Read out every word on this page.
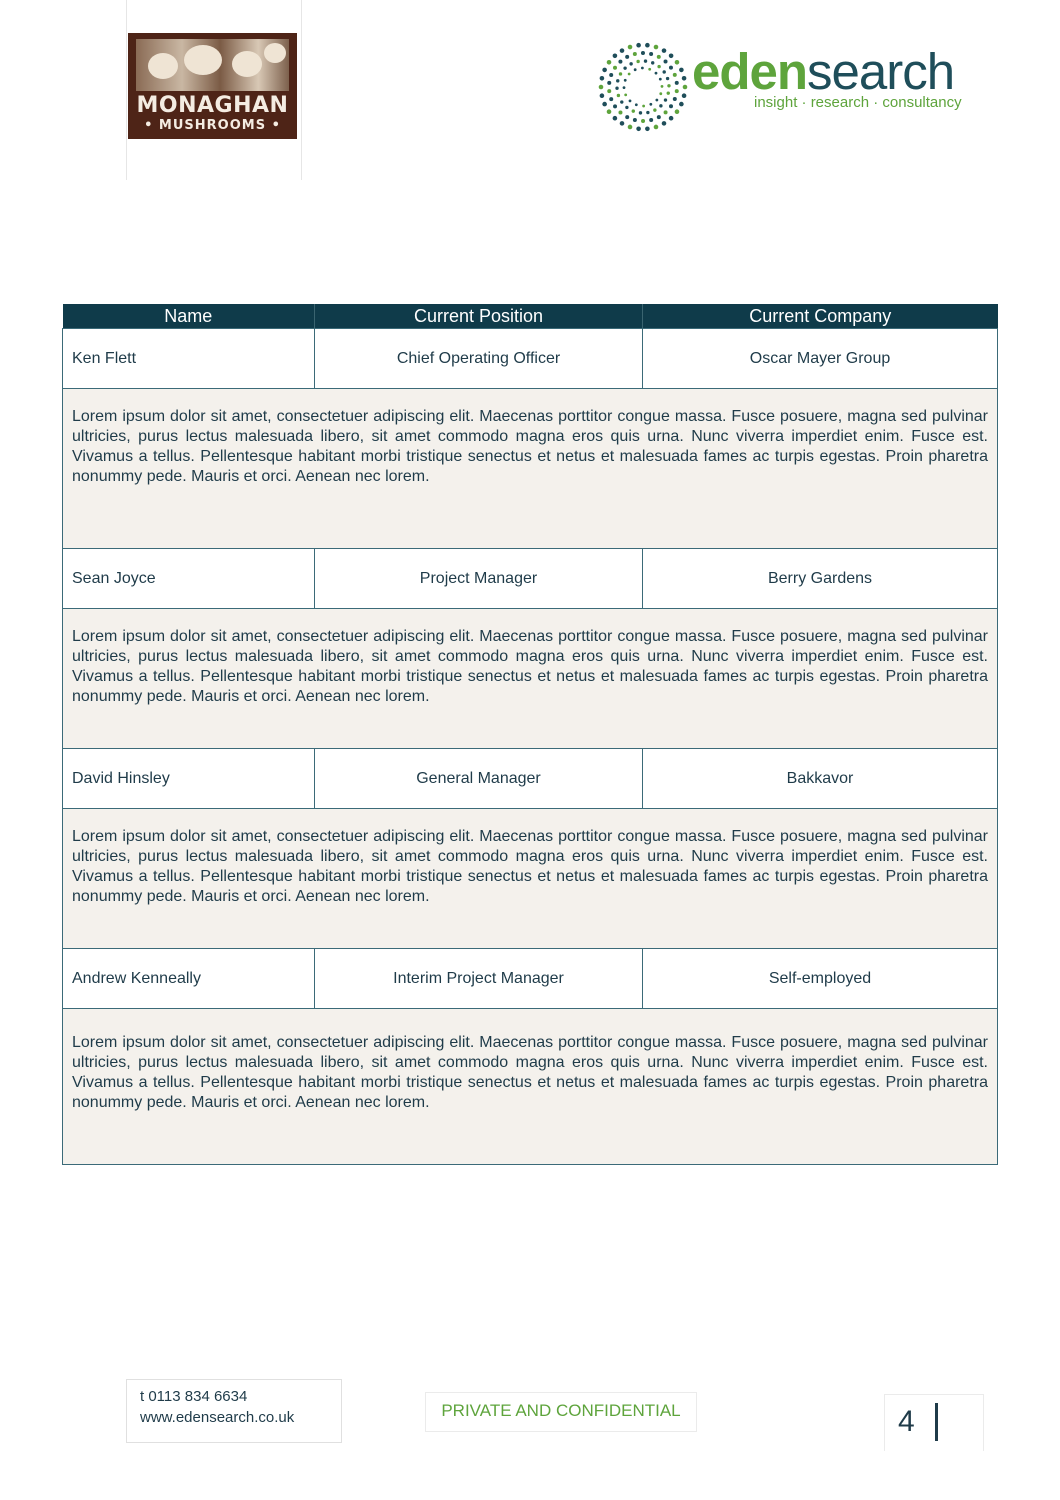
MONAGHAN
• MUSHROOMS •
edensearch
insight · research · consultancy
Name	Current Position	Current Company
Ken Flett	Chief Operating Officer	Oscar Mayer Group
Lorem ipsum dolor sit amet, consectetuer adipiscing elit. Maecenas porttitor congue massa. Fusce posuere, magna sed pulvinar ultricies, purus lectus malesuada libero, sit amet commodo magna eros quis urna. Nunc viverra imperdiet enim. Fusce est. Vivamus a tellus. Pellentesque habitant morbi tristique senectus et netus et malesuada fames ac turpis egestas. Proin pharetra nonummy pede. Mauris et orci. Aenean nec lorem.		
Sean Joyce	Project Manager	Berry Gardens
Lorem ipsum dolor sit amet, consectetuer adipiscing elit. Maecenas porttitor congue massa. Fusce posuere, magna sed pulvinar ultricies, purus lectus malesuada libero, sit amet commodo magna eros quis urna. Nunc viverra imperdiet enim. Fusce est. Vivamus a tellus. Pellentesque habitant morbi tristique senectus et netus et malesuada fames ac turpis egestas. Proin pharetra nonummy pede. Mauris et orci. Aenean nec lorem.		
David Hinsley	General Manager	Bakkavor
Lorem ipsum dolor sit amet, consectetuer adipiscing elit. Maecenas porttitor congue massa. Fusce posuere, magna sed pulvinar ultricies, purus lectus malesuada libero, sit amet commodo magna eros quis urna. Nunc viverra imperdiet enim. Fusce est. Vivamus a tellus. Pellentesque habitant morbi tristique senectus et netus et malesuada fames ac turpis egestas. Proin pharetra nonummy pede. Mauris et orci. Aenean nec lorem.		
Andrew Kenneally	Interim Project Manager	Self-employed
Lorem ipsum dolor sit amet, consectetuer adipiscing elit. Maecenas porttitor congue massa. Fusce posuere, magna sed pulvinar ultricies, purus lectus malesuada libero, sit amet commodo magna eros quis urna. Nunc viverra imperdiet enim. Fusce est. Vivamus a tellus. Pellentesque habitant morbi tristique senectus et netus et malesuada fames ac turpis egestas. Proin pharetra nonummy pede. Mauris et orci. Aenean nec lorem.		
t 0113 834 6634
www.edensearch.co.uk	PRIVATE AND CONFIDENTIAL	4
